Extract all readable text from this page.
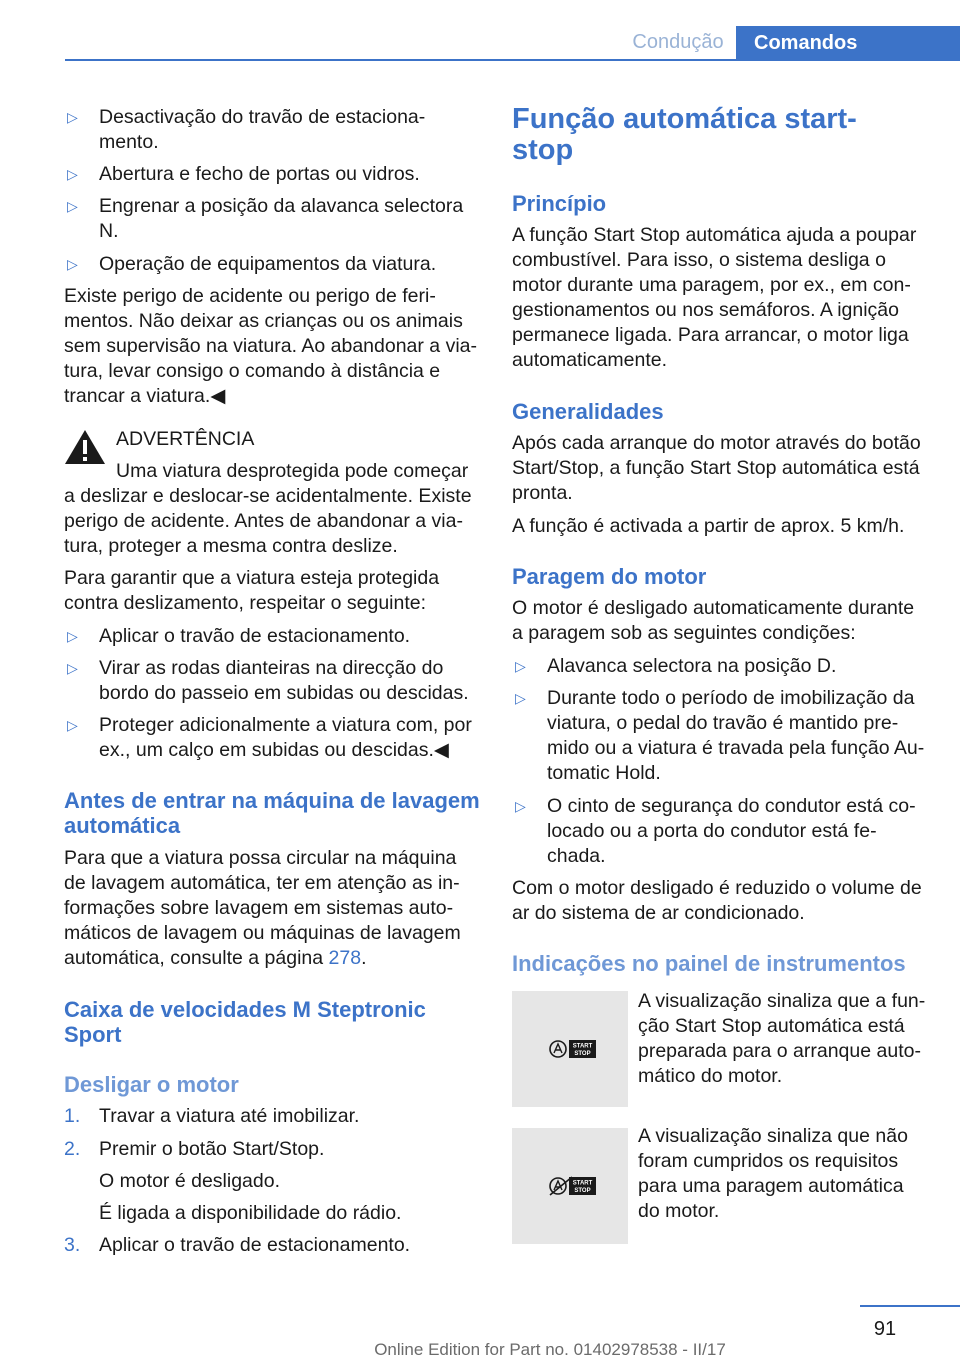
Condução	Comandos
▷ Desactivação do travão de estaciona-mento.
▷ Abertura e fecho de portas ou vidros.
▷ Engrenar a posição da alavanca selectora N.
▷ Operação de equipamentos da viatura.

Existe perigo de acidente ou perigo de feri-mentos. Não deixar as crianças ou os animais sem supervisão na viatura. Ao abandonar a via-tura, levar consigo o comando à distância e trancar a viatura.◀

ADVERTÊNCIA

Uma viatura desprotegida pode começar a deslizar e deslocar-se acidentalmente. Existe perigo de acidente. Antes de abandonar a via-tura, proteger a mesma contra deslize.

Para garantir que a viatura esteja protegida contra deslizamento, respeitar o seguinte:

▷ Aplicar o travão de estacionamento.
▷ Virar as rodas dianteiras na direcção do bordo do passeio em subidas ou descidas.
▷ Proteger adicionalmente a viatura com, por ex., um calço em subidas ou descidas.◀
Antes de entrar na máquina de lavagem automática

Para que a viatura possa circular na máquina de lavagem automática, ter em atenção as in-formações sobre lavagem em sistemas auto-máticos de lavagem ou máquinas de lavagem automática, consulte a página 278.

Caixa de velocidades M Steptronic Sport
Desligar o motor
1. Travar a viatura até imobilizar.
2. Premir o botão Start/Stop.

O motor é desligado.

É ligada a disponibilidade do rádio.

3. Aplicar o travão de estacionamento.
Função automática start-stop
Princípio

A função Start Stop automática ajuda a poupar combustível. Para isso, o sistema desliga o motor durante uma paragem, por ex., em con-gestionamentos ou nos semáforos. A ignição permanece ligada. Para arrancar, o motor liga automaticamente.

Generalidades

Após cada arranque do motor através do botão Start/Stop, a função Start Stop automática está pronta.

A função é activada a partir de aprox. 5 km/h.

Paragem do motor

O motor é desligado automaticamente durante a paragem sob as seguintes condições:

▷ Alavanca selectora na posição D.
▷ Durante todo o período de imobilização da viatura, o pedal do travão é mantido pre-mido ou a viatura é travada pela função Au-tomatic Hold.
▷ O cinto de segurança do condutor está co-locado ou a porta do condutor está fe-chada.

Com o motor desligado é reduzido o volume de ar do sistema de ar condicionado.

Indicações no painel de instrumentos
START
STOP

A visualização sinaliza que a fun-ção Start Stop automática está preparada para o arranque auto-mático do motor.

START
STOP

A visualização sinaliza que não foram cumpridos os requisitos para uma paragem automática do motor.

91
Online Edition for Part no. 01402978538 - II/17
